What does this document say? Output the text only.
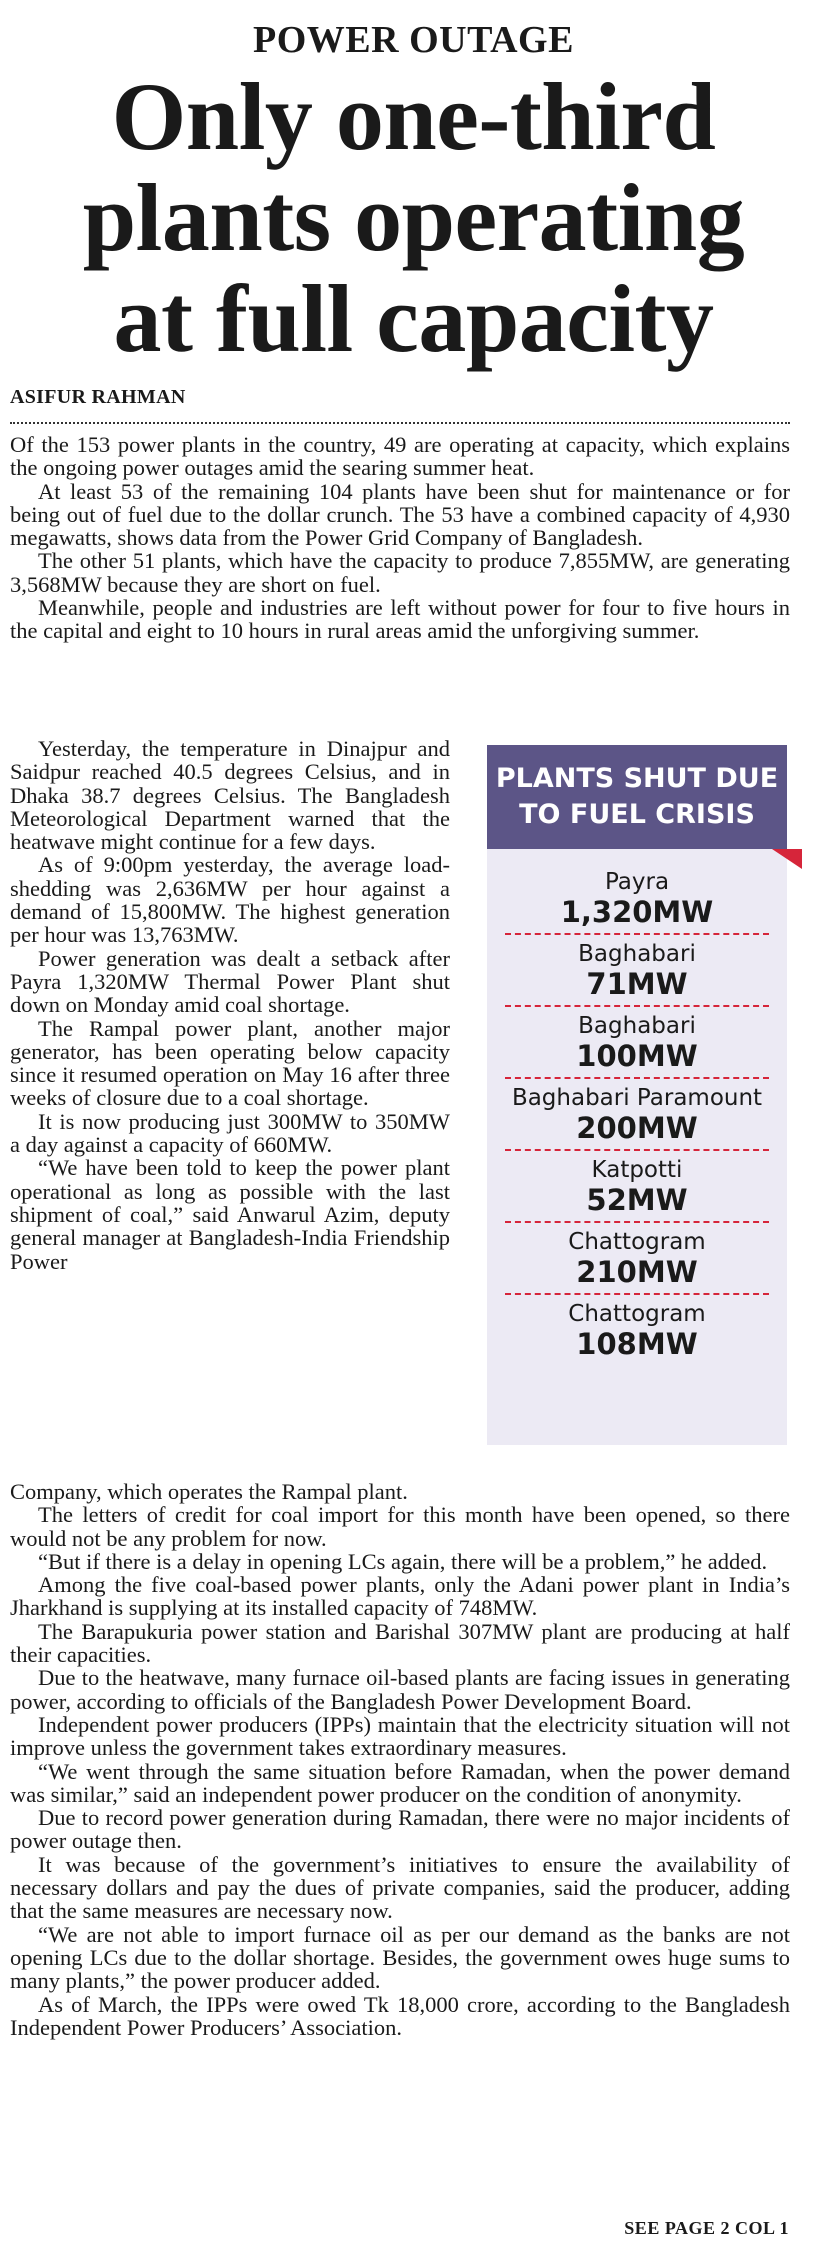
POWER OUTAGE
Only one-third
plants operating
at full capacity
ASIFUR RAHMAN

Of the 153 power plants in the country, 49 are operating at capacity, which explains the ongoing power outages amid the searing summer heat.

At least 53 of the remaining 104 plants have been shut for maintenance or for being out of fuel due to the dollar crunch. The 53 have a combined capacity of 4,930 megawatts, shows data from the Power Grid Company of Bangladesh.

The other 51 plants, which have the capacity to produce 7,855MW, are generating 3,568MW because they are short on fuel.

Meanwhile, people and industries are left without power for four to five hours in the capital and eight to 10 hours in rural areas amid the unforgiving summer.

Yesterday, the temperature in Dinajpur and Saidpur reached 40.5 degrees Celsius, and in Dhaka 38.7 degrees Celsius. The Bangladesh Meteorological Department warned that the heatwave might continue for a few days.

As of 9:00pm yesterday, the average load-shedding was 2,636MW per hour against a demand of 15,800MW. The highest generation per hour was 13,763MW.

Power generation was dealt a setback after Payra 1,320MW Thermal Power Plant shut down on Monday amid coal shortage.

The Rampal power plant, another major generator, has been operating below capacity since it resumed operation on May 16 after three weeks of closure due to a coal shortage.

It is now producing just 300MW to 350MW a day against a capacity of 660MW.

“We have been told to keep the power plant operational as long as possible with the last shipment of coal,” said Anwarul Azim, deputy general manager at Bangladesh-India Friendship Power

PLANTS SHUT DUE
TO FUEL CRISIS
Payra
1,320MW
Baghabari
71MW
Baghabari
100MW
Baghabari Paramount
200MW
Katpotti
52MW
Chattogram
210MW
Chattogram
108MW

Company, which operates the Rampal plant.

The letters of credit for coal import for this month have been opened, so there would not be any problem for now.

“But if there is a delay in opening LCs again, there will be a problem,” he added.

Among the five coal-based power plants, only the Adani power plant in India’s Jharkhand is supplying at its installed capacity of 748MW.

The Barapukuria power station and Barishal 307MW plant are producing at half their capacities.

Due to the heatwave, many furnace oil-based plants are facing issues in generating power, according to officials of the Bangladesh Power Development Board.

Independent power producers (IPPs) maintain that the electricity situation will not improve unless the government takes extraordinary measures.

“We went through the same situation before Ramadan, when the power demand was similar,” said an independent power producer on the condition of anonymity.

Due to record power generation during Ramadan, there were no major incidents of power outage then.

It was because of the government’s initiatives to ensure the availability of necessary dollars and pay the dues of private companies, said the producer, adding that the same measures are necessary now.

“We are not able to import furnace oil as per our demand as the banks are not opening LCs due to the dollar shortage. Besides, the government owes huge sums to many plants,” the power producer added.

As of March, the IPPs were owed Tk 18,000 crore, according to the Bangladesh Independent Power Producers’ Association.

SEE PAGE 2 COL 1
